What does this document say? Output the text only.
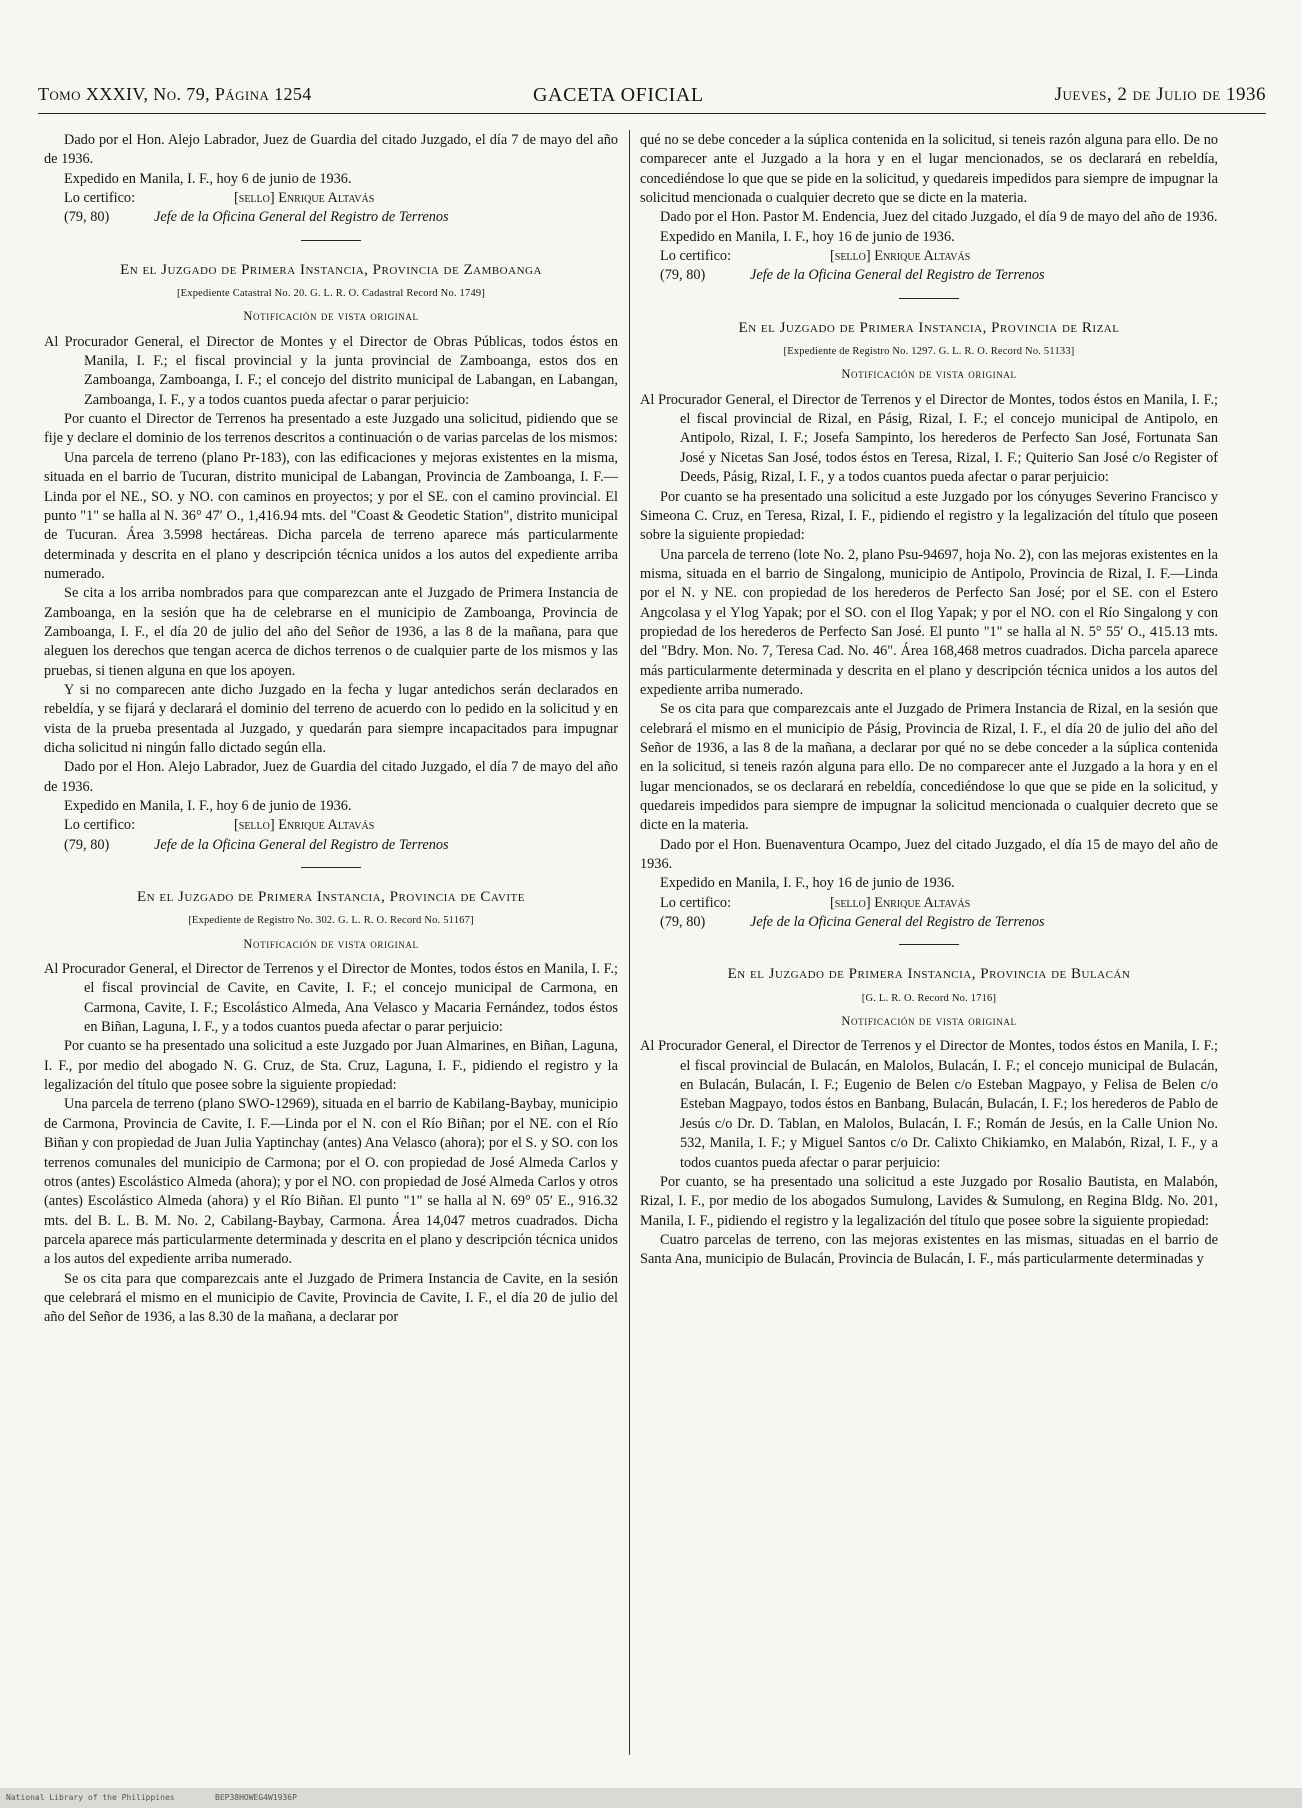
Tomo XXXIV, No. 79, Página 1254	GACETA OFICIAL	Jueves, 2 de Julio de 1936

Dado por el Hon. Alejo Labrador, Juez de Guardia del citado Juzgado, el día 7 de mayo del año de 1936.

Expedido en Manila, I. F., hoy 6 de junio de 1936.

Lo certifico:	[sello] Enrique Altavás
(79, 80)	Jefe de la Oficina General del Registro de Terrenos
En el Juzgado de Primera Instancia, Provincia de Zamboanga
[Expediente Catastral No. 20. G. L. R. O. Cadastral Record No. 1749]
Notificación de vista original

Al Procurador General, el Director de Montes y el Director de Obras Públicas, todos éstos en Manila, I. F.; el fiscal provincial y la junta provincial de Zamboanga, estos dos en Zamboanga, Zamboanga, I. F.; el concejo del distrito municipal de Labangan, en Labangan, Zamboanga, I. F., y a todos cuantos pueda afectar o parar perjuicio:

Por cuanto el Director de Terrenos ha presentado a este Juzgado una solicitud, pidiendo que se fije y declare el dominio de los terrenos descritos a continuación o de varias parcelas de los mismos:

Una parcela de terreno (plano Pr-183), con las edificaciones y mejoras existentes en la misma, situada en el barrio de Tucuran, distrito municipal de Labangan, Provincia de Zamboanga, I. F.—Linda por el NE., SO. y NO. con caminos en proyectos; y por el SE. con el camino provincial. El punto "1" se halla al N. 36° 47′ O., 1,416.94 mts. del "Coast & Geodetic Station", distrito municipal de Tucuran. Área 3.5998 hectáreas. Dicha parcela de terreno aparece más particularmente determinada y descrita en el plano y descripción técnica unidos a los autos del expediente arriba numerado.

Se cita a los arriba nombrados para que comparezcan ante el Juzgado de Primera Instancia de Zamboanga, en la sesión que ha de celebrarse en el municipio de Zamboanga, Provincia de Zamboanga, I. F., el día 20 de julio del año del Señor de 1936, a las 8 de la mañana, para que aleguen los derechos que tengan acerca de dichos terrenos o de cualquier parte de los mismos y las pruebas, si tienen alguna en que los apoyen.

Y si no comparecen ante dicho Juzgado en la fecha y lugar antedichos serán declarados en rebeldía, y se fijará y declarará el dominio del terreno de acuerdo con lo pedido en la solicitud y en vista de la prueba presentada al Juzgado, y quedarán para siempre incapacitados para impugnar dicha solicitud ni ningún fallo dictado según ella.

Dado por el Hon. Alejo Labrador, Juez de Guardia del citado Juzgado, el día 7 de mayo del año de 1936.

Expedido en Manila, I. F., hoy 6 de junio de 1936.

Lo certifico:	[sello] Enrique Altavás
(79, 80)	Jefe de la Oficina General del Registro de Terrenos
En el Juzgado de Primera Instancia, Provincia de Cavite
[Expediente de Registro No. 302. G. L. R. O. Record No. 51167]
Notificación de vista original

Al Procurador General, el Director de Terrenos y el Director de Montes, todos éstos en Manila, I. F.; el fiscal provincial de Cavite, en Cavite, I. F.; el concejo municipal de Carmona, en Carmona, Cavite, I. F.; Escolástico Almeda, Ana Velasco y Macaria Fernández, todos éstos en Biñan, Laguna, I. F., y a todos cuantos pueda afectar o parar perjuicio:

Por cuanto se ha presentado una solicitud a este Juzgado por Juan Almarines, en Biñan, Laguna, I. F., por medio del abogado N. G. Cruz, de Sta. Cruz, Laguna, I. F., pidiendo el registro y la legalización del título que posee sobre la siguiente propiedad:

Una parcela de terreno (plano SWO-12969), situada en el barrio de Kabilang-Baybay, municipio de Carmona, Provincia de Cavite, I. F.—Linda por el N. con el Río Biñan; por el NE. con el Río Biñan y con propiedad de Juan Julia Yaptinchay (antes) Ana Velasco (ahora); por el S. y SO. con los terrenos comunales del municipio de Carmona; por el O. con propiedad de José Almeda Carlos y otros (antes) Escolástico Almeda (ahora); y por el NO. con propiedad de José Almeda Carlos y otros (antes) Escolástico Almeda (ahora) y el Río Biñan. El punto "1" se halla al N. 69° 05′ E., 916.32 mts. del B. L. B. M. No. 2, Cabilang-Baybay, Carmona. Área 14,047 metros cuadrados. Dicha parcela aparece más particularmente determinada y descrita en el plano y descripción técnica unidos a los autos del expediente arriba numerado.

Se os cita para que comparezcais ante el Juzgado de Primera Instancia de Cavite, en la sesión que celebrará el mismo en el municipio de Cavite, Provincia de Cavite, I. F., el día 20 de julio del año del Señor de 1936, a las 8.30 de la mañana, a declarar por

qué no se debe conceder a la súplica contenida en la solicitud, si teneis razón alguna para ello. De no comparecer ante el Juzgado a la hora y en el lugar mencionados, se os declarará en rebeldía, concediéndose lo que que se pide en la solicitud, y quedareis impedidos para siempre de impugnar la solicitud mencionada o cualquier decreto que se dicte en la materia.

Dado por el Hon. Pastor M. Endencia, Juez del citado Juzgado, el día 9 de mayo del año de 1936.

Expedido en Manila, I. F., hoy 16 de junio de 1936.

Lo certifico:	[sello] Enrique Altavás
(79, 80)	Jefe de la Oficina General del Registro de Terrenos
En el Juzgado de Primera Instancia, Provincia de Rizal
[Expediente de Registro No. 1297. G. L. R. O. Record No. 51133]
Notificación de vista original

Al Procurador General, el Director de Terrenos y el Director de Montes, todos éstos en Manila, I. F.; el fiscal provincial de Rizal, en Pásig, Rizal, I. F.; el concejo municipal de Antipolo, en Antipolo, Rizal, I. F.; Josefa Sampinto, los herederos de Perfecto San José, Fortunata San José y Nicetas San José, todos éstos en Teresa, Rizal, I. F.; Quiterio San José c/o Register of Deeds, Pásig, Rizal, I. F., y a todos cuantos pueda afectar o parar perjuicio:

Por cuanto se ha presentado una solicitud a este Juzgado por los cónyuges Severino Francisco y Simeona C. Cruz, en Teresa, Rizal, I. F., pidiendo el registro y la legalización del título que poseen sobre la siguiente propiedad:

Una parcela de terreno (lote No. 2, plano Psu-94697, hoja No. 2), con las mejoras existentes en la misma, situada en el barrio de Singalong, municipio de Antipolo, Provincia de Rizal, I. F.—Linda por el N. y NE. con propiedad de los herederos de Perfecto San José; por el SE. con el Estero Angcolasa y el Ylog Yapak; por el SO. con el Ilog Yapak; y por el NO. con el Río Singalong y con propiedad de los herederos de Perfecto San José. El punto "1" se halla al N. 5° 55′ O., 415.13 mts. del "Bdry. Mon. No. 7, Teresa Cad. No. 46". Área 168,468 metros cuadrados. Dicha parcela aparece más particularmente determinada y descrita en el plano y descripción técnica unidos a los autos del expediente arriba numerado.

Se os cita para que comparezcais ante el Juzgado de Primera Instancia de Rizal, en la sesión que celebrará el mismo en el municipio de Pásig, Provincia de Rizal, I. F., el día 20 de julio del año del Señor de 1936, a las 8 de la mañana, a declarar por qué no se debe conceder a la súplica contenida en la solicitud, si teneis razón alguna para ello. De no comparecer ante el Juzgado a la hora y en el lugar mencionados, se os declarará en rebeldía, concediéndose lo que que se pide en la solicitud, y quedareis impedidos para siempre de impugnar la solicitud mencionada o cualquier decreto que se dicte en la materia.

Dado por el Hon. Buenaventura Ocampo, Juez del citado Juzgado, el día 15 de mayo del año de 1936.

Expedido en Manila, I. F., hoy 16 de junio de 1936.

Lo certifico:	[sello] Enrique Altavás
(79, 80)	Jefe de la Oficina General del Registro de Terrenos
En el Juzgado de Primera Instancia, Provincia de Bulacán
[G. L. R. O. Record No. 1716]
Notificación de vista original

Al Procurador General, el Director de Terrenos y el Director de Montes, todos éstos en Manila, I. F.; el fiscal provincial de Bulacán, en Malolos, Bulacán, I. F.; el concejo municipal de Bulacán, en Bulacán, Bulacán, I. F.; Eugenio de Belen c/o Esteban Magpayo, y Felisa de Belen c/o Esteban Magpayo, todos éstos en Banbang, Bulacán, Bulacán, I. F.; los herederos de Pablo de Jesús c/o Dr. D. Tablan, en Malolos, Bulacán, I. F.; Román de Jesús, en la Calle Union No. 532, Manila, I. F.; y Miguel Santos c/o Dr. Calixto Chikiamko, en Malabón, Rizal, I. F., y a todos cuantos pueda afectar o parar perjuicio:

Por cuanto, se ha presentado una solicitud a este Juzgado por Rosalio Bautista, en Malabón, Rizal, I. F., por medio de los abogados Sumulong, Lavides & Sumulong, en Regina Bldg. No. 201, Manila, I. F., pidiendo el registro y la legalización del título que posee sobre la siguiente propiedad:

Cuatro parcelas de terreno, con las mejoras existentes en las mismas, situadas en el barrio de Santa Ana, municipio de Bulacán, Provincia de Bulacán, I. F., más particularmente determinadas y

National Library of the Philippines	BEP38HOWEG4W1936P
